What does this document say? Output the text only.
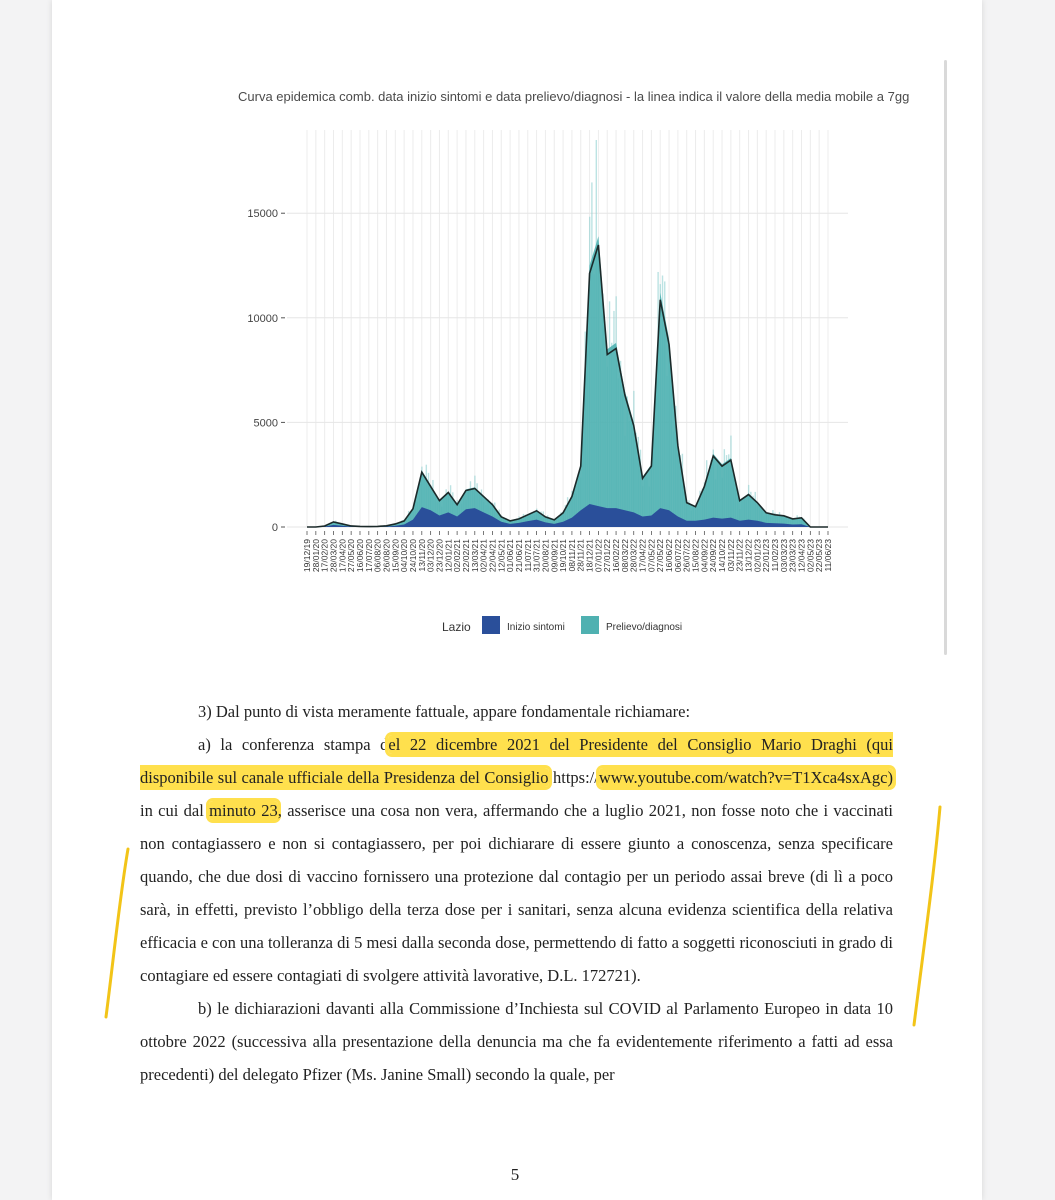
Curva epidemica comb. data inizio sintomi e data prelievo/diagnosi - la linea indica il valore della media mobile a 7gg

0
5000
10000
15000
19/12/19
28/01/20
17/02/20
28/03/20
17/04/20
27/05/20
16/06/20
17/07/20
06/08/20
26/08/20
15/09/20
04/10/20
24/10/20
13/11/20
03/12/20
23/12/20
12/01/21
02/02/21
22/02/21
13/03/21
02/04/21
22/04/21
12/05/21
01/06/21
21/06/21
11/07/21
31/07/21
20/08/21
09/09/21
19/10/21
08/11/21
28/11/21
18/12/21
07/01/22
27/01/22
16/02/22
08/03/22
28/03/22
17/04/22
07/05/22
27/05/22
16/06/22
06/07/22
26/07/22
15/08/22
04/09/22
24/09/22
14/10/22
03/11/22
23/11/22
13/12/22
02/01/23
22/01/23
11/02/23
03/03/23
23/03/23
12/04/23
02/05/23
22/05/23
11/06/23
Lazio	Inizio sintomi	Prelievo/diagnosi

3) Dal punto di vista meramente fattuale, appare fondamentale richiamare:

a) la conferenza stampa del 22 dicembre 2021 del Presidente del Consiglio Mario Draghi (qui disponibile sul canale ufficiale della Presidenza del Consiglio https://www.youtube.com/watch?v=T1Xca4sxAgc) in cui dal minuto 23, asserisce una cosa non vera, affermando che a luglio 2021, non fosse noto che i vaccinati non contagiassero e non si contagiassero, per poi dichiarare di essere giunto a conoscenza, senza specificare quando, che due dosi di vaccino fornissero una protezione dal contagio per un periodo assai breve (di lì a poco sarà, in effetti, previsto l’obbligo della terza dose per i sanitari, senza alcuna evidenza scientifica della relativa efficacia e con una tolleranza di 5 mesi dalla seconda dose, permettendo di fatto a soggetti riconosciuti in grado di contagiare ed essere contagiati di svolgere attività lavorative, D.L. 172721).

b) le dichiarazioni davanti alla Commissione d’Inchiesta sul COVID al Parlamento Europeo in data 10 ottobre 2022 (successiva alla presentazione della denuncia ma che fa evidentemente riferimento a fatti ad essa precedenti) del delegato Pfizer (Ms. Janine Small) secondo la quale, per

5
